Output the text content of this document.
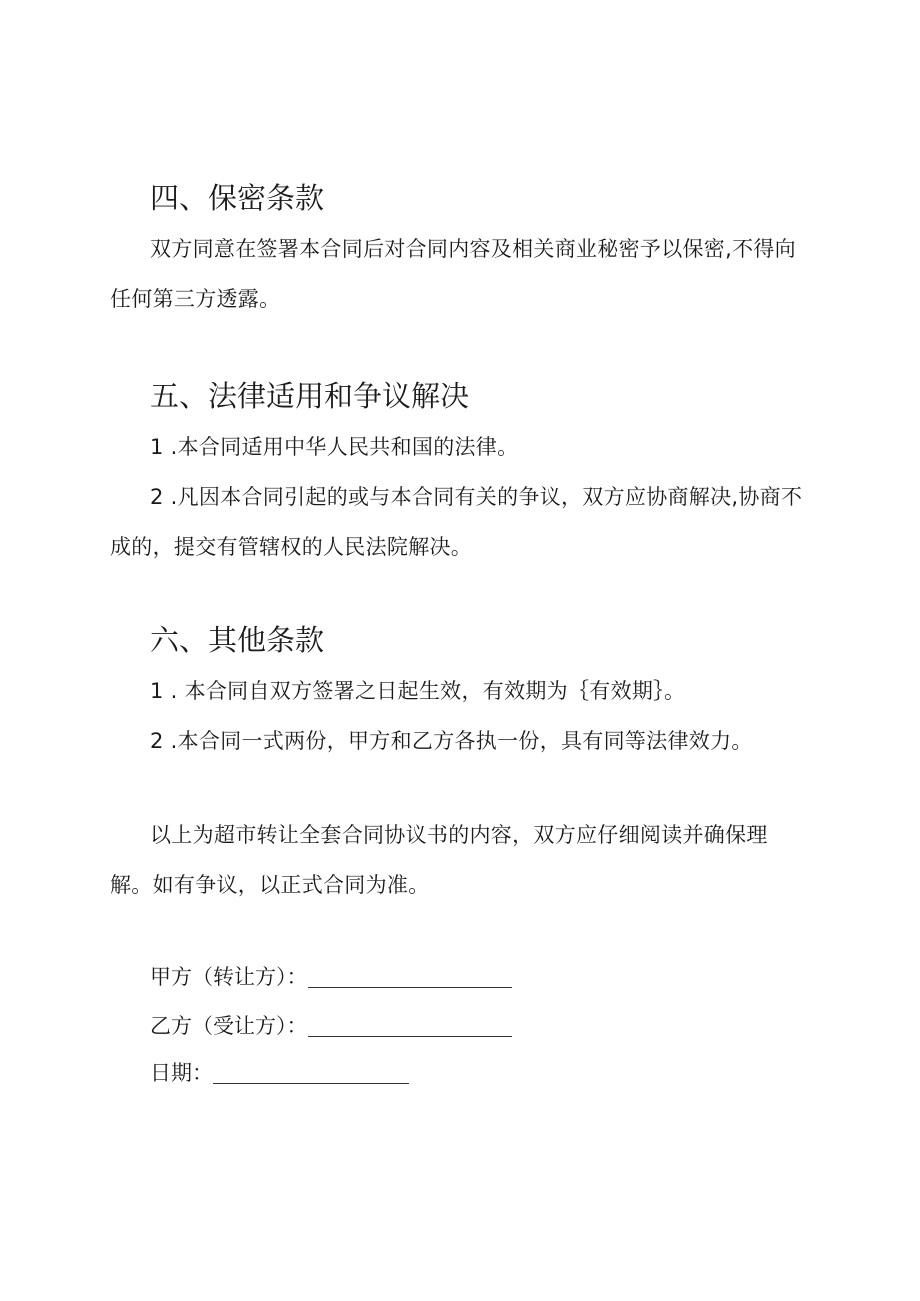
四、保密条款

双方同意在签署本合同后对合同内容及相关商业秘密予以保密,不得向

任何第三方透露。

五、法律适用和争议解决

1 .本合同适用中华人民共和国的法律。

2 .凡因本合同引起的或与本合同有关的争议，双方应协商解决,协商不

成的，提交有管辖权的人民法院解决。

六、其他条款

1 . 本合同自双方签署之日起生效，有效期为｛有效期｝。

2 .本合同一式两份，甲方和乙方各执一份，具有同等法律效力。

以上为超市转让全套合同协议书的内容，双方应仔细阅读并确保理

解。如有争议，以正式合同为准。

甲方（转让方）：
乙方（受让方）：
日期：
